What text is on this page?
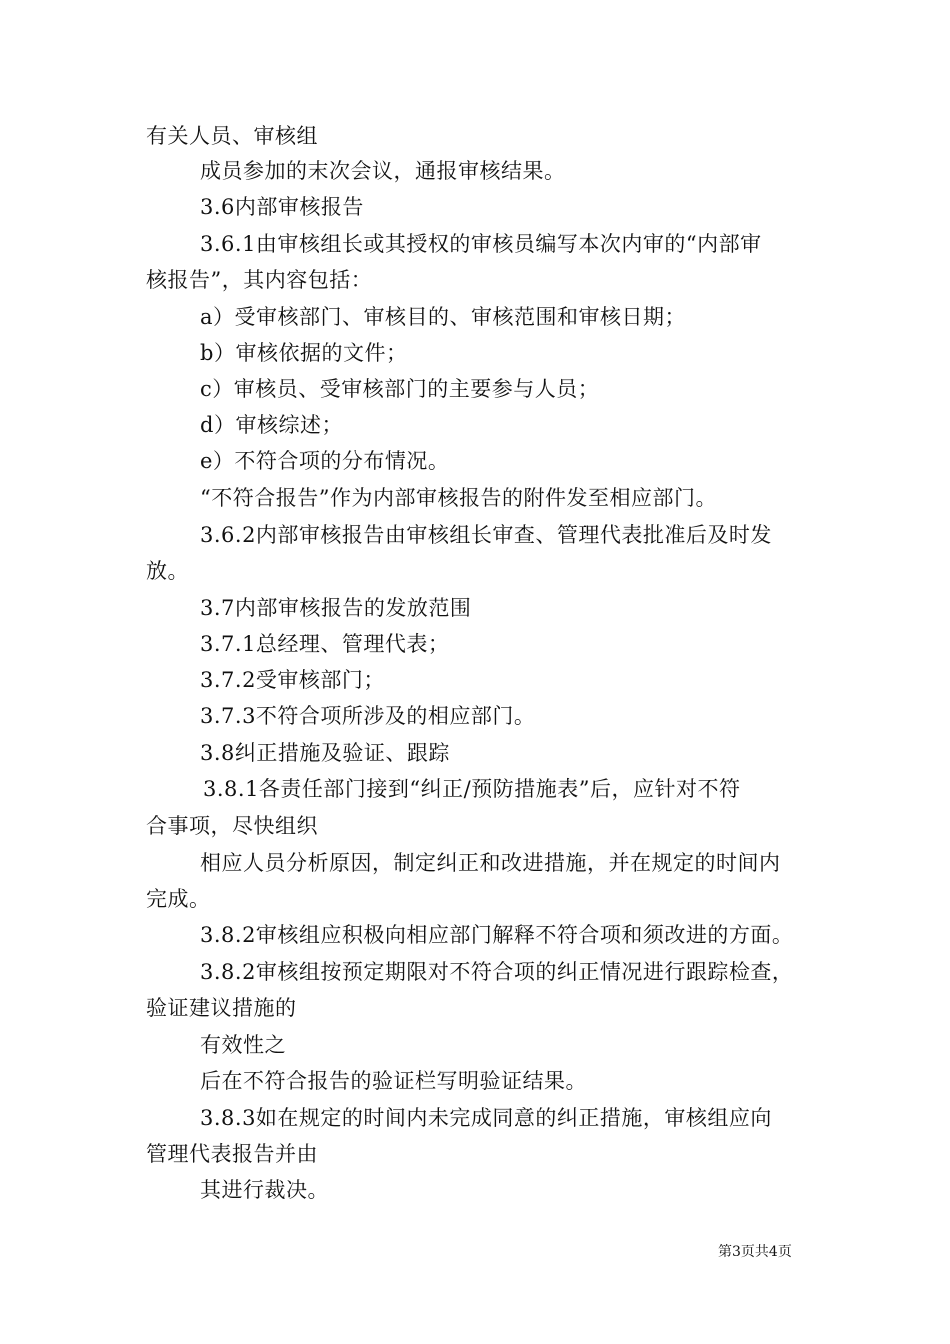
有关人员、审核组
成员参加的末次会议，通报审核结果。
3.6内部审核报告
3.6.1由审核组长或其授权的审核员编写本次内审的“内部审
核报告”，其内容包括：
a）受审核部门、审核目的、审核范围和审核日期；
b）审核依据的文件；
c）审核员、受审核部门的主要参与人员；
d）审核综述；
e）不符合项的分布情况。
“不符合报告”作为内部审核报告的附件发至相应部门。
3.6.2内部审核报告由审核组长审查、管理代表批准后及时发
放。
3.7内部审核报告的发放范围
3.7.1总经理、管理代表；
3.7.2受审核部门；
3.7.3不符合项所涉及的相应部门。
3.8纠正措施及验证、跟踪
3.8.1各责任部门接到“纠正/预防措施表”后，应针对不符
合事项，尽快组织
相应人员分析原因，制定纠正和改进措施，并在规定的时间内
完成。
3.8.2审核组应积极向相应部门解释不符合项和须改进的方面。
3.8.2审核组按预定期限对不符合项的纠正情况进行跟踪检查，
验证建议措施的
有效性之
后在不符合报告的验证栏写明验证结果。
3.8.3如在规定的时间内未完成同意的纠正措施，审核组应向
管理代表报告并由
其进行裁决。
第3页共4页
